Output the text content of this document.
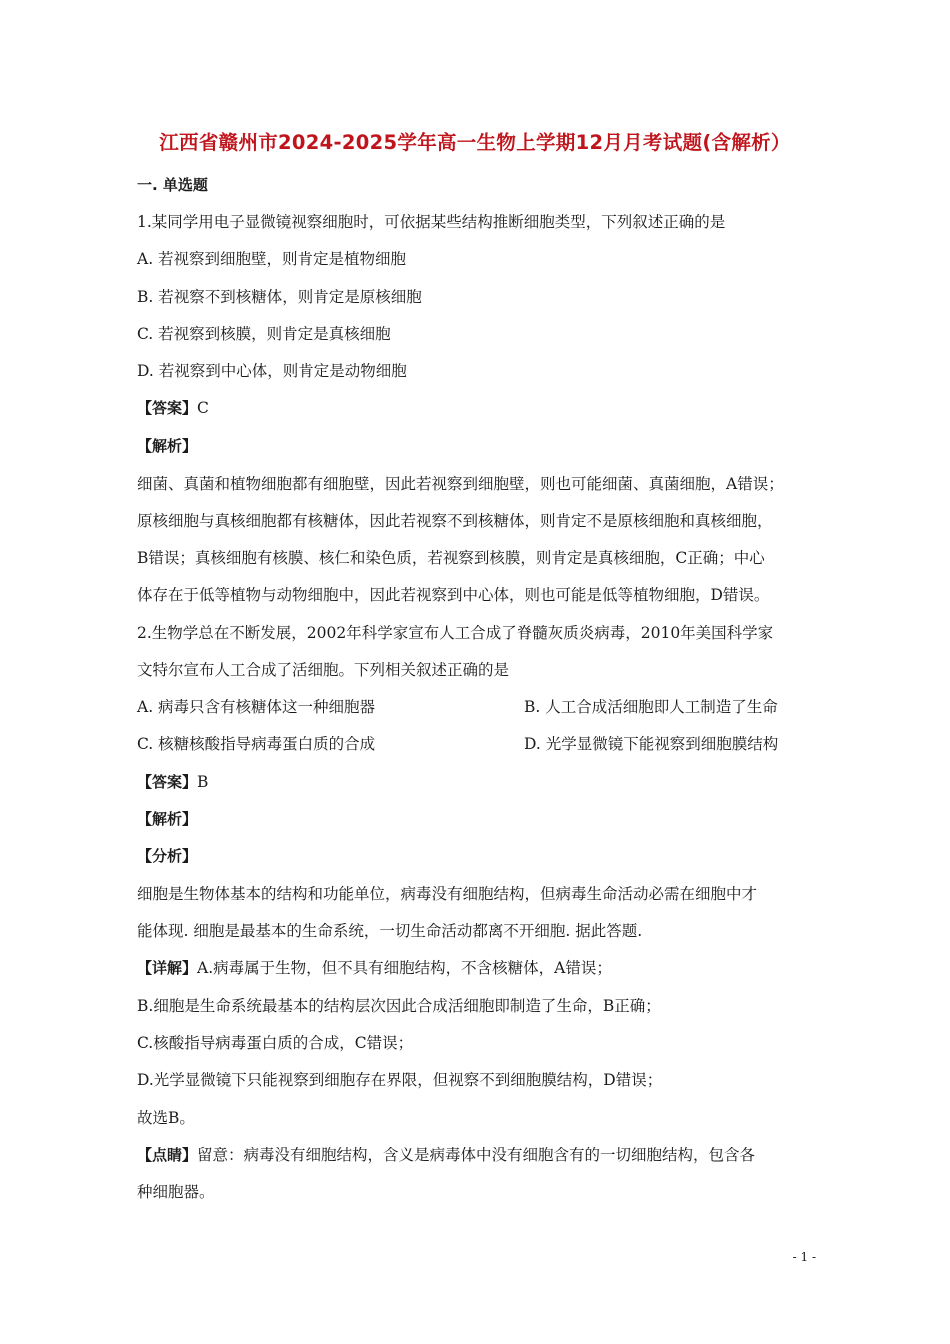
江西省赣州市2024-2025学年高一生物上学期12月月考试题(含解析）
一. 单选题
1.某同学用电子显微镜视察细胞时，可依据某些结构推断细胞类型，下列叙述正确的是
A. 若视察到细胞壁，则肯定是植物细胞
B. 若视察不到核糖体，则肯定是原核细胞
C. 若视察到核膜，则肯定是真核细胞
D. 若视察到中心体，则肯定是动物细胞
【答案】C
【解析】
细菌、真菌和植物细胞都有细胞壁，因此若视察到细胞壁，则也可能细菌、真菌细胞，A错误；
原核细胞与真核细胞都有核糖体，因此若视察不到核糖体，则肯定不是原核细胞和真核细胞，
B错误；真核细胞有核膜、核仁和染色质，若视察到核膜，则肯定是真核细胞，C正确；中心
体存在于低等植物与动物细胞中，因此若视察到中心体，则也可能是低等植物细胞，D错误。
2.生物学总在不断发展，2002年科学家宣布人工合成了脊髓灰质炎病毒，2010年美国科学家
文特尔宣布人工合成了活细胞。下列相关叙述正确的是
A. 病毒只含有核糖体这一种细胞器	B. 人工合成活细胞即人工制造了生命
C. 核糖核酸指导病毒蛋白质的合成	D. 光学显微镜下能视察到细胞膜结构
【答案】B
【解析】
【分析】
细胞是生物体基本的结构和功能单位，病毒没有细胞结构，但病毒生命活动必需在细胞中才
能体现. 细胞是最基本的生命系统，一切生命活动都离不开细胞. 据此答题.
【详解】A.病毒属于生物，但不具有细胞结构，不含核糖体，A错误；
B.细胞是生命系统最基本的结构层次因此合成活细胞即制造了生命，B正确；
C.核酸指导病毒蛋白质的合成，C错误；
D.光学显微镜下只能视察到细胞存在界限，但视察不到细胞膜结构，D错误；
故选B。
【点睛】留意：病毒没有细胞结构，含义是病毒体中没有细胞含有的一切细胞结构，包含各
种细胞器。
- 1 -
